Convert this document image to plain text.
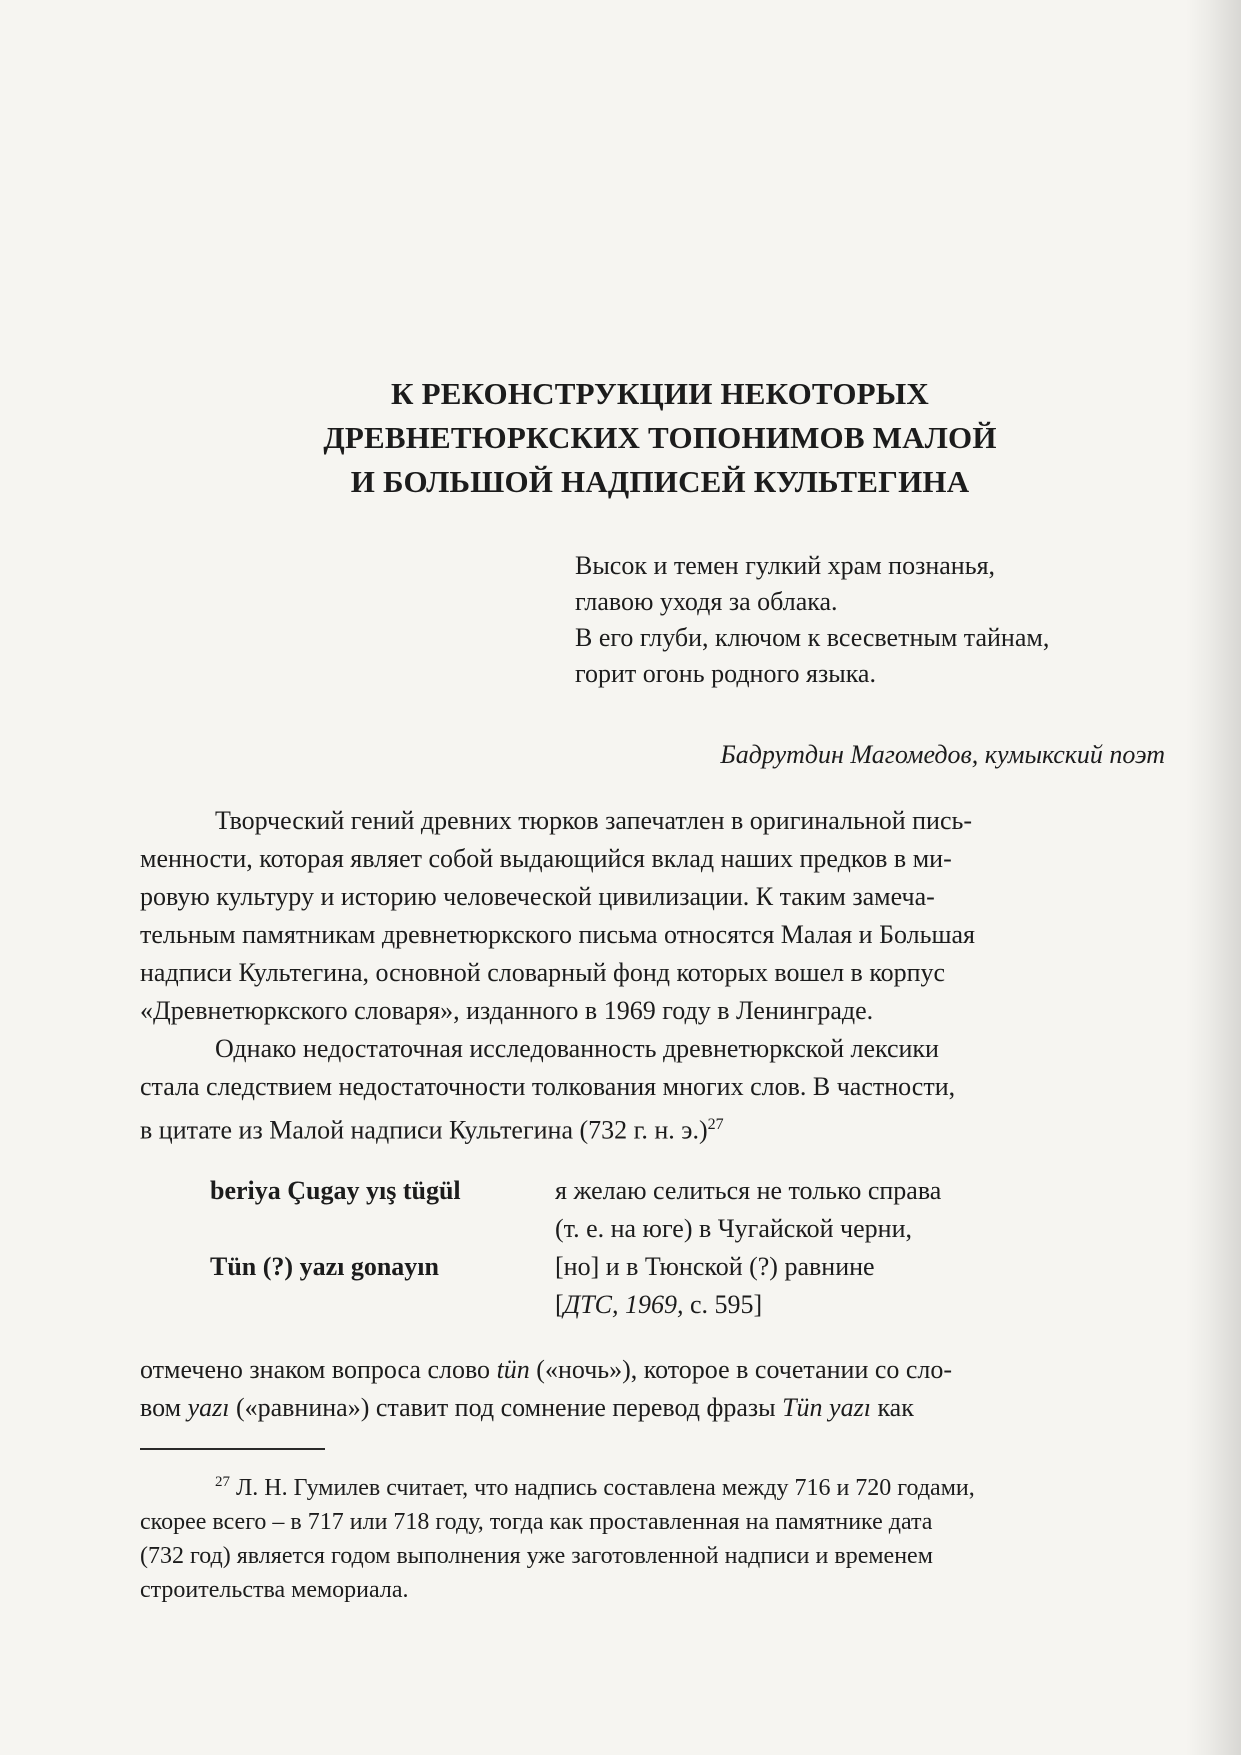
К РЕКОНСТРУКЦИИ НЕКОТОРЫХ
ДРЕВНЕТЮРКСКИХ ТОПОНИМОВ МАЛОЙ
И БОЛЬШОЙ НАДПИСЕЙ КУЛЬТЕГИНА
Высок и темен гулкий храм познанья,
главою уходя за облака.
В его глуби, ключом к всесветным тайнам,
горит огонь родного языка.
Бадрутдин Магомедов, кумыкский поэт
Творческий гений древних тюрков запечатлен в оригинальной пись-
менности, которая являет собой выдающийся вклад наших предков в ми-
ровую культуру и историю человеческой цивилизации. К таким замеча-
тельным памятникам древнетюркского письма относятся Малая и Большая
надписи Культегина, основной словарный фонд которых вошел в корпус
«Древнетюркского словаря», изданного в 1969 году в Ленинграде.
Однако недостаточная исследованность древнетюркской лексики
стала следствием недостаточности толкования многих слов. В частности,
в цитате из Малой надписи Культегина (732 г. н. э.)$^{27}$
beriya Çugay yış tügül	я желаю селиться не только справа
(т. е. на юге) в Чугайской черни,
Tün (?) yazı gonayın	[но] и в Тюнской (?) равнине
[ДТС, 1969, с. 595]
отмечено знаком вопроса слово tün («ночь»), которое в сочетании со сло-
вом yazı («равнина») ставит под сомнение перевод фразы Tün yazı как
$^{27}$ Л. Н. Гумилев считает, что надпись составлена между 716 и 720 годами,
скорее всего – в 717 или 718 году, тогда как проставленная на памятнике дата
(732 год) является годом выполнения уже заготовленной надписи и временем
строительства мемориала.
